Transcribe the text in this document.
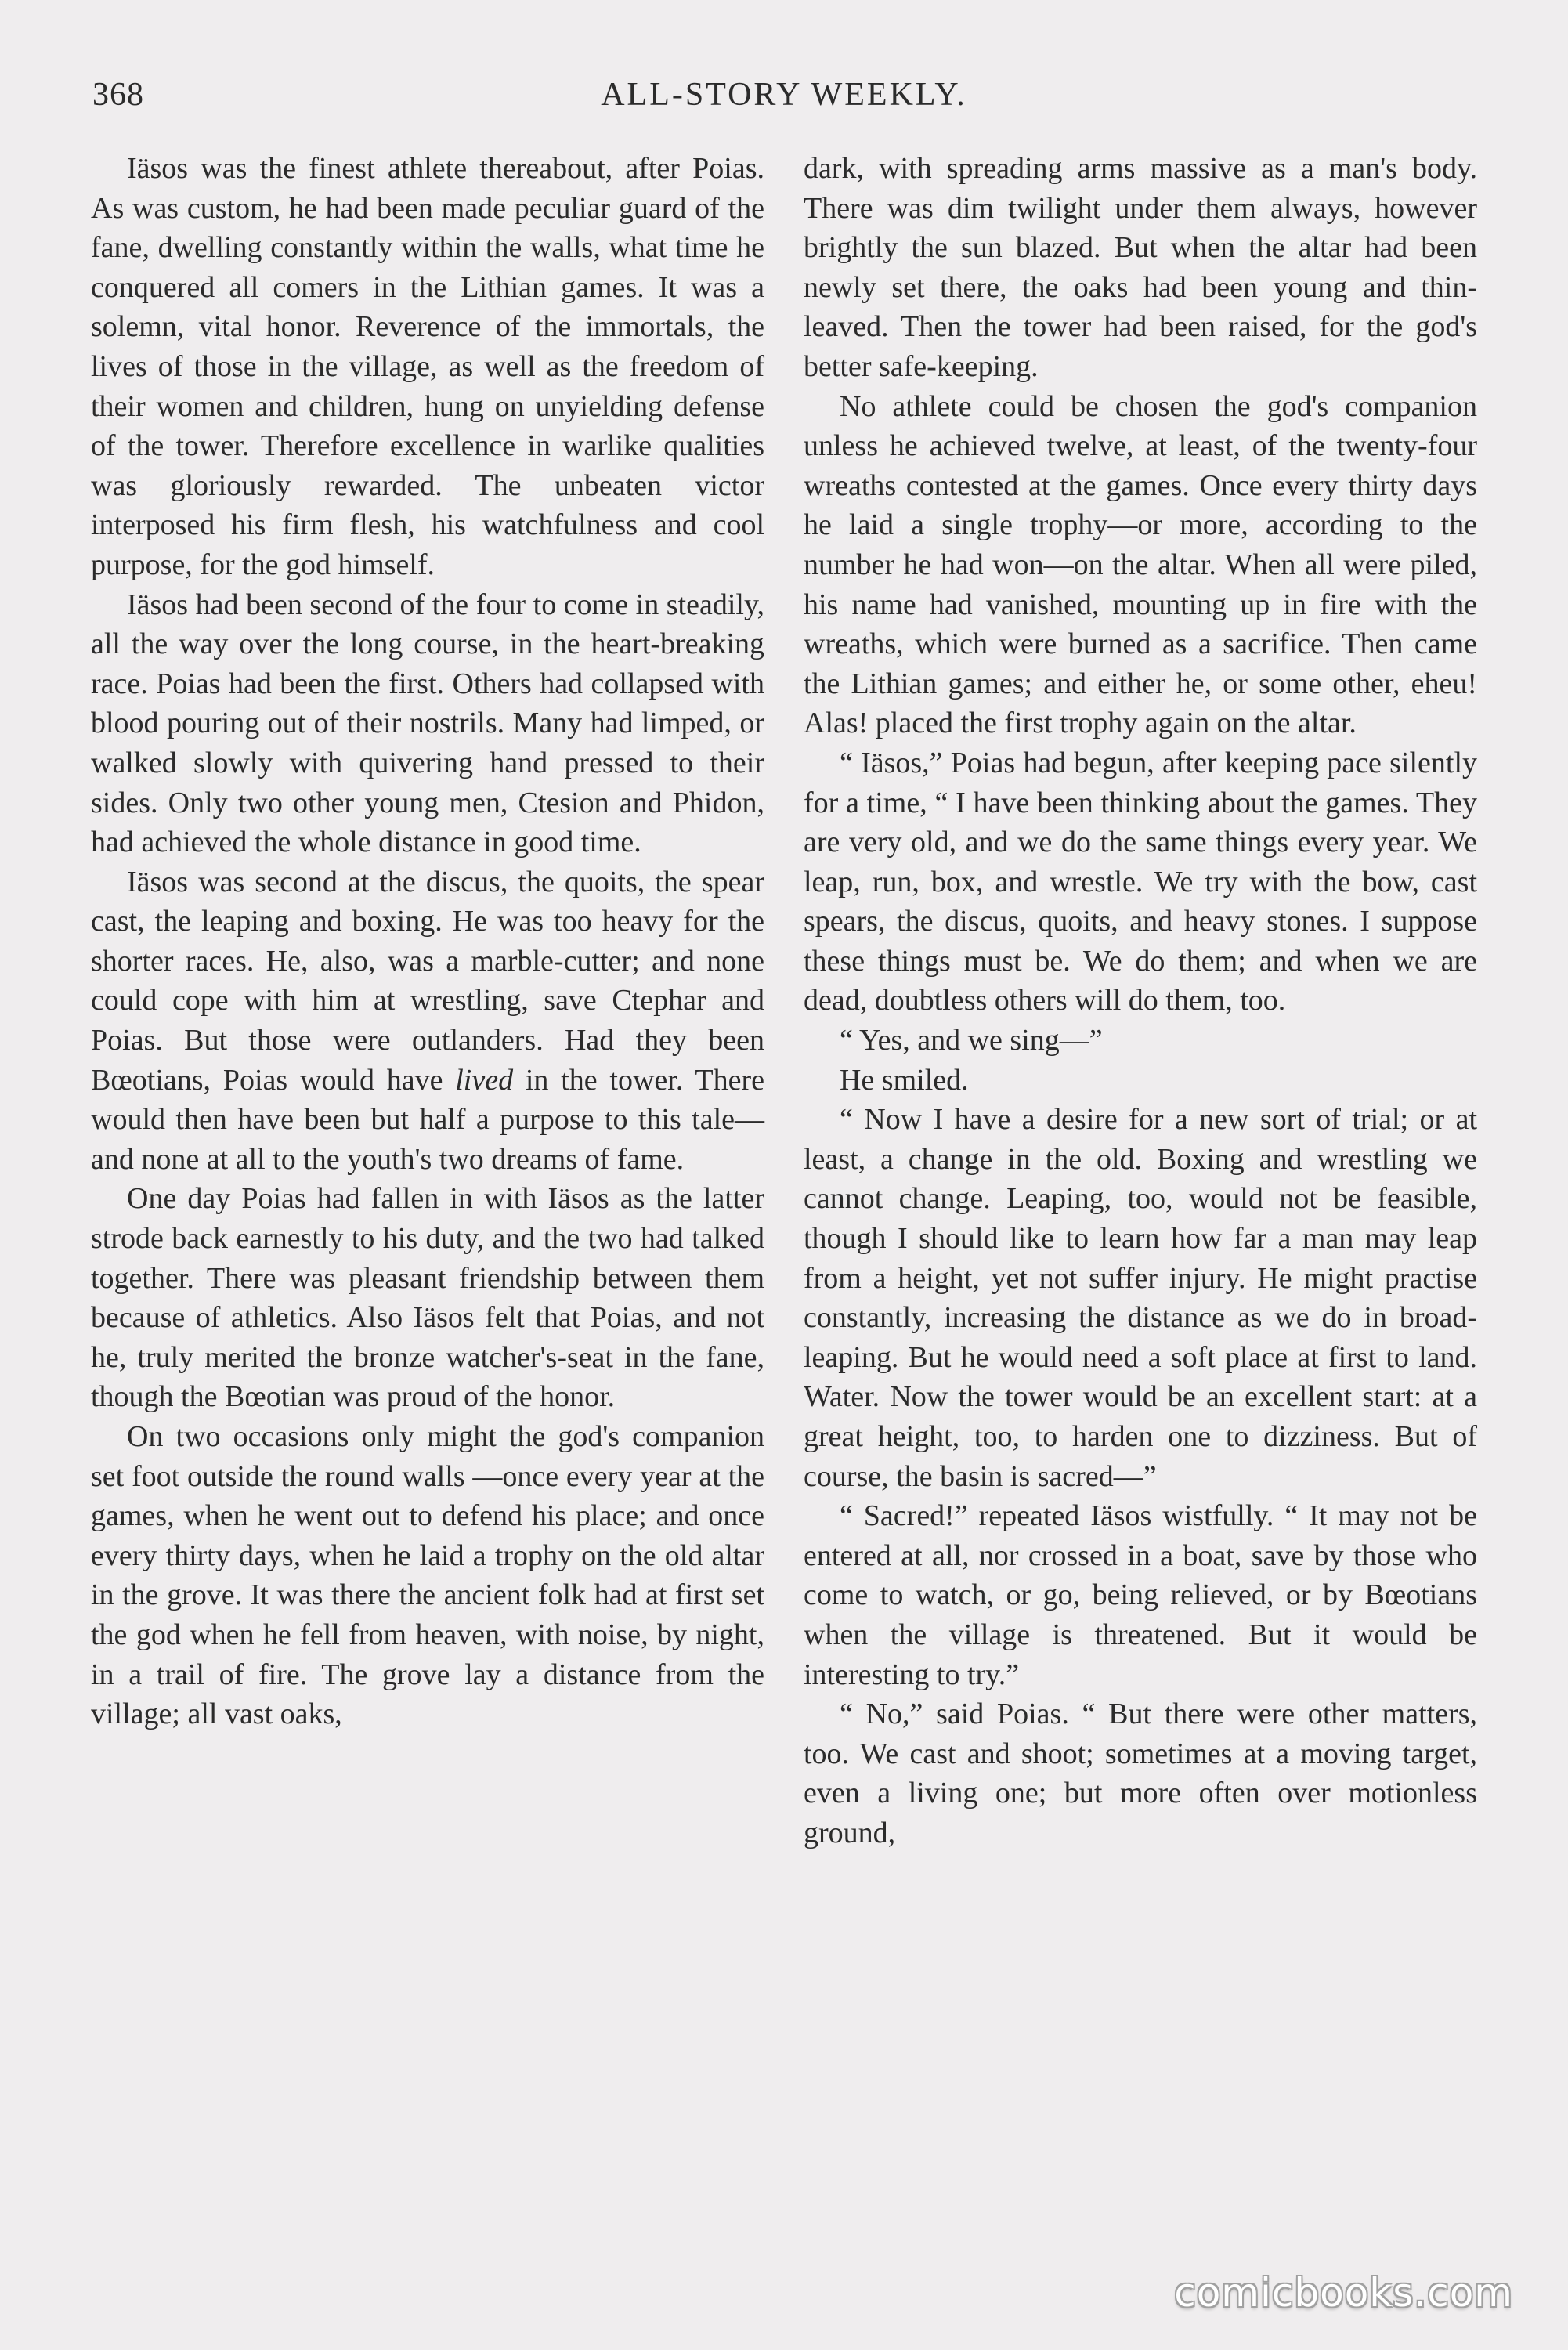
368	ALL-STORY WEEKLY.

Iäsos was the finest athlete thereabout, after Poias. As was custom, he had been made peculiar guard of the fane, dwelling constantly within the walls, what time he conquered all comers in the Lithian games. It was a solemn, vital honor. Reverence of the immortals, the lives of those in the village, as well as the freedom of their women and children, hung on unyielding defense of the tower. Therefore excellence in warlike qualities was gloriously rewarded. The unbeaten victor interposed his firm flesh, his watchfulness and cool purpose, for the god himself.

Iäsos had been second of the four to come in steadily, all the way over the long course, in the heart-breaking race. Poias had been the first. Others had collapsed with blood pouring out of their nostrils. Many had limped, or walked slowly with quivering hand pressed to their sides. Only two other young men, Ctesion and Phidon, had achieved the whole distance in good time.

Iäsos was second at the discus, the quoits, the spear cast, the leaping and boxing. He was too heavy for the shorter races. He, also, was a marble-cutter; and none could cope with him at wrestling, save Ctephar and Poias. But those were outlanders. Had they been Bœotians, Poias would have lived in the tower. There would then have been but half a purpose to this tale—and none at all to the youth's two dreams of fame.

One day Poias had fallen in with Iäsos as the latter strode back earnestly to his duty, and the two had talked together. There was pleasant friendship between them because of athletics. Also Iäsos felt that Poias, and not he, truly merited the bronze watcher's-seat in the fane, though the Bœotian was proud of the honor.

On two occasions only might the god's companion set foot outside the round walls —once every year at the games, when he went out to defend his place; and once every thirty days, when he laid a trophy on the old altar in the grove. It was there the ancient folk had at first set the god when he fell from heaven, with noise, by night, in a trail of fire. The grove lay a distance from the village; all vast oaks,

dark, with spreading arms massive as a man's body. There was dim twilight under them always, however brightly the sun blazed. But when the altar had been newly set there, the oaks had been young and thin-leaved. Then the tower had been raised, for the god's better safe-keeping.

No athlete could be chosen the god's companion unless he achieved twelve, at least, of the twenty-four wreaths contested at the games. Once every thirty days he laid a single trophy—or more, according to the number he had won—on the altar. When all were piled, his name had vanished, mounting up in fire with the wreaths, which were burned as a sacrifice. Then came the Lithian games; and either he, or some other, eheu! Alas! placed the first trophy again on the altar.

“ Iäsos,” Poias had begun, after keeping pace silently for a time, “ I have been thinking about the games. They are very old, and we do the same things every year. We leap, run, box, and wrestle. We try with the bow, cast spears, the discus, quoits, and heavy stones. I suppose these things must be. We do them; and when we are dead, doubtless others will do them, too.

“ Yes, and we sing—”

He smiled.

“ Now I have a desire for a new sort of trial; or at least, a change in the old. Boxing and wrestling we cannot change. Leaping, too, would not be feasible, though I should like to learn how far a man may leap from a height, yet not suffer injury. He might practise constantly, increasing the distance as we do in broad-leaping. But he would need a soft place at first to land. Water. Now the tower would be an excellent start: at a great height, too, to harden one to dizziness. But of course, the basin is sacred—”

“ Sacred!” repeated Iäsos wistfully. “ It may not be entered at all, nor crossed in a boat, save by those who come to watch, or go, being relieved, or by Bœotians when the village is threatened. But it would be interesting to try.”

“ No,” said Poias. “ But there were other matters, too. We cast and shoot; sometimes at a moving target, even a living one; but more often over motionless ground,

comicbooks.com
